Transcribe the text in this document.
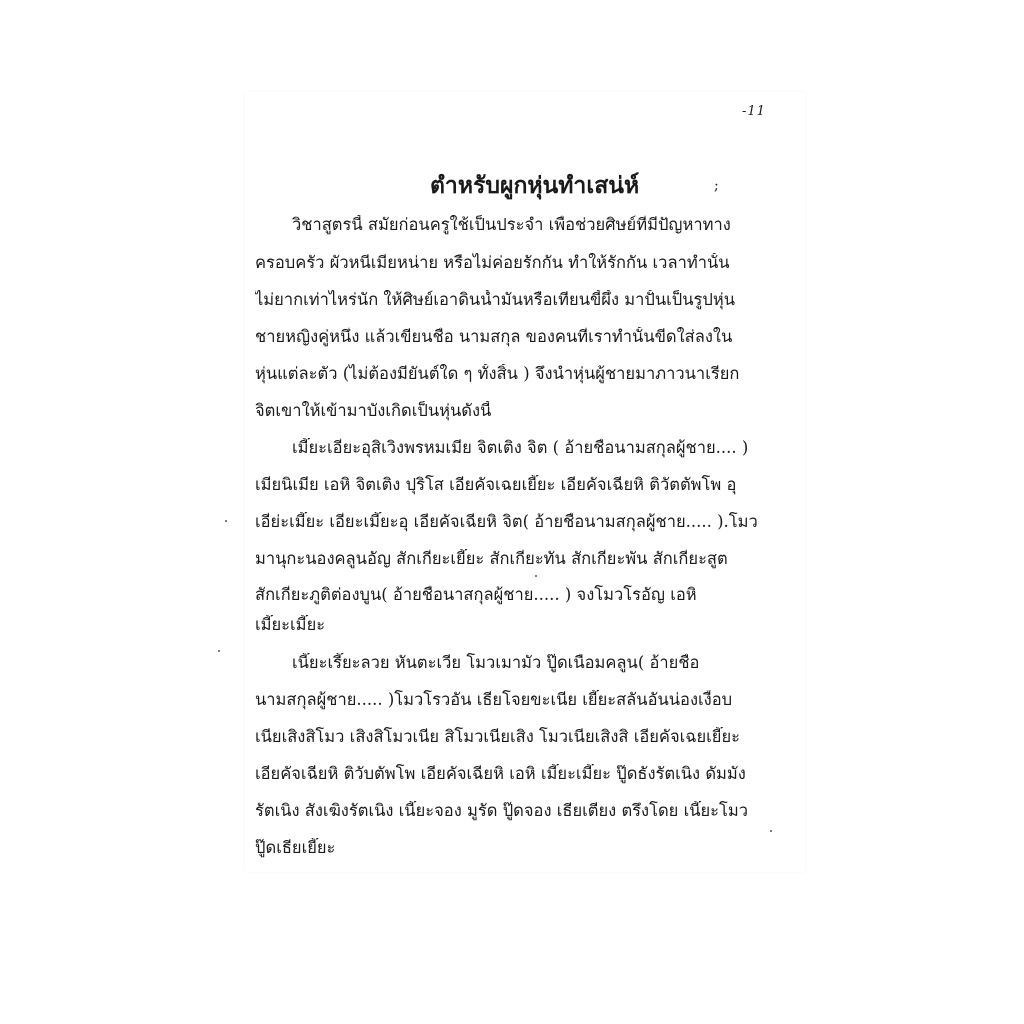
-11
ตำหรับผูกหุ่นทำเสน่ห์	;
วิชาสูตรนี้ สมัยก่อนครูใช้เป็นประจำ เพื่อช่วยศิษย์ที่มีปัญหาทาง
ครอบครัว ผัวหนีเมียหน่าย หรือไม่ค่อยรักกัน ทำให้รักกัน เวลาทำนั้น
ไม่ยากเท่าไหร่นัก ให้ศิษย์เอาดินน้ำมันหรือเทียนขี้ผึ้ง มาปั้นเป็นรูปหุ่น
ชายหญิงคู่หนึ่ง แล้วเขียนชื่อ นามสกุล ของคนที่เราทำนั้นขีดใส่ลงใน
หุ่นแต่ละตัว (ไม่ต้องมียันต์ใด ๆ ทั้งสิ้น ) จึงนำหุ่นผู้ชายมาภาวนาเรียก
จิตเขาให้เข้ามาบังเกิดเป็นหุ่นดังนี้
เมี๊ยะเอี่ยะอุสิเวิงพรหมเมีย จิตเติง จิต ( อ้ายชื่อนามสกุลผู้ชาย.... )
เมียนิเมีย เอหิ จิตเติง ปุริโส เอียคัจเฉยเยี๊ยะ เอียคัจเฉียหิ ติวัตตัพโพ อุ
เอี่ย่ะเมี๊ยะ เอี่ยะเมี๊ยะอุ เอียคัจเฉียหิ จิต( อ้ายชื่อนามสกุลผู้ชาย..... ).โมว
มานุกะนองคลูนอัญ สักเกี่ยะเยี๊ยะ สักเกี่ยะทัน สักเกี่ยะพัน สักเกี่ยะสูต
สักเกี่ยะภูติต่องบูน( อ้ายชื่อนาสกุลผู้ชาย..... ) จงโมวโรอัญ เอหิ
เมี๊ยะเมี๊ยะ
เนี๊ยะเรี๊ยะลวย หันตะเวีย โมวเมามัว ปู๊ดเนือมคลูน( อ้ายชื่อ
นามสกุลผู้ชาย..... )โมวโรวอัน เธียโจยขะเนีย เยี๊ยะสลันอันน่องเงื็อบ
เนียเสิงสิโมว เสิงสิโมวเนีย สิโมวเนียเสิง โมวเนียเสิงสิ เอียคัจเฉยเยี๊ยะ
เอียคัจเฉียหิ ติวับตัพโพ เอียคัจเฉียหิ เอหิ เมี๊ยะเมี๊ยะ ปู๊ดธังรัตเนิง ดัมมัง
รัตเนิง สังเฆิงรัตเนิง เนี๊ยะจอง มูรัด ปู๊ดจอง เธียเตียง ตรึงโดย เนี๊ยะโมว
ปู๊ดเธียเยี๊ยะ
